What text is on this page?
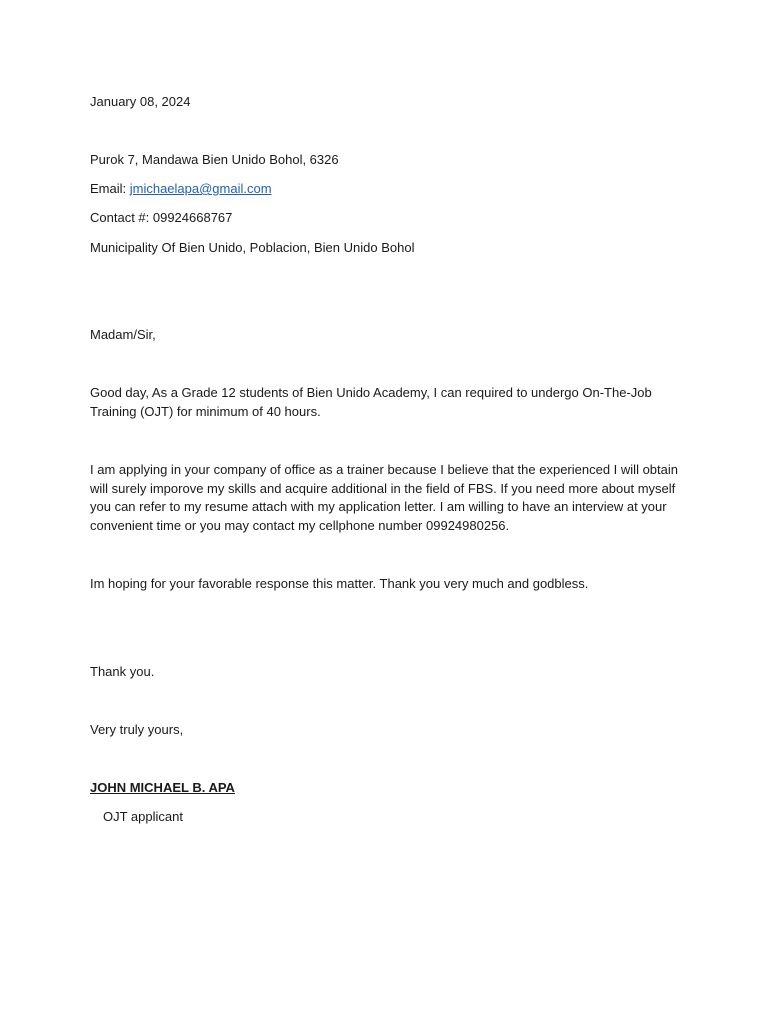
January 08, 2024
Purok 7, Mandawa Bien Unido Bohol, 6326
Email: jmichaelapa@gmail.com
Contact #: 09924668767
Municipality Of Bien Unido, Poblacion, Bien Unido Bohol
Madam/Sir,
Good day, As a Grade 12 students of Bien Unido Academy, I can required to undergo On-The-Job Training (OJT) for minimum of 40 hours.
I am applying in your company of office as a trainer because I believe that the experienced I will obtain will surely imporove my skills and acquire additional in the field of FBS. If you need more about myself you can refer to my resume attach with my application letter. I am willing to have an interview at your convenient time or you may contact my cellphone number 09924980256.
Im hoping for your favorable response this matter. Thank you very much and godbless.
Thank you.
Very truly yours,
JOHN MICHAEL B. APA
OJT applicant
